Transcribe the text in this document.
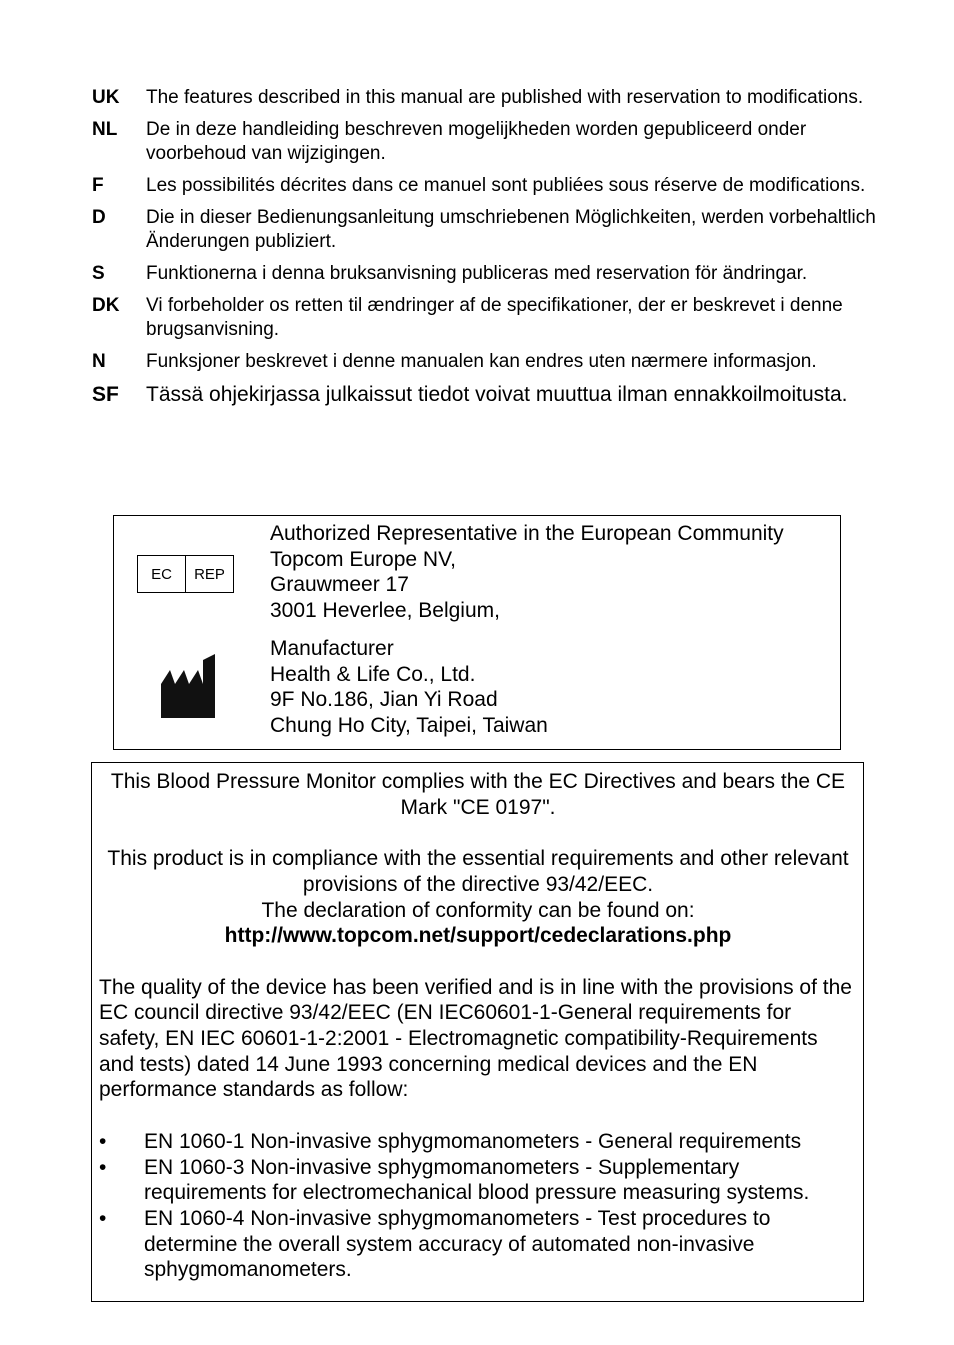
UK	The features described in this manual are published with reservation to modifications.
NL	De in deze handleiding beschreven mogelijkheden worden gepubliceerd onder voorbehoud van wijzigingen.
F	Les possibilités décrites dans ce manuel sont publiées sous réserve de modifications.
D	Die in dieser Bedienungsanleitung umschriebenen Möglichkeiten, werden vorbehaltlich Änderungen publiziert.
S	Funktionerna i denna bruksanvisning publiceras med reservation för ändringar.
DK	Vi forbeholder os retten til ændringer af de specifikationer, der er beskrevet i denne brugsanvisning.
N	Funksjoner beskrevet i denne manualen kan endres uten nærmere informasjon.
SF	Tässä ohjekirjassa julkaissut tiedot voivat muuttua ilman ennakkoilmoitusta.
EC	REP
Authorized Representative in the European Community
Topcom Europe NV,
Grauwmeer 17
3001 Heverlee, Belgium,
Manufacturer
Health & Life Co., Ltd.
9F No.186, Jian Yi Road
Chung Ho City, Taipei, Taiwan
This Blood Pressure Monitor complies with the EC Directives and bears the CE Mark "CE 0197".
This product is in compliance with the essential requirements and other relevant provisions of the directive 93/42/EEC.
The declaration of conformity can be found on:
http://www.topcom.net/support/cedeclarations.php
The quality of the device has been verified and is in line with the provisions of the EC council directive 93/42/EEC (EN IEC60601-1-General requirements for safety, EN IEC 60601-1-2:2001 - Electromagnetic compatibility-Requirements and tests) dated 14 June 1993 concerning medical devices and the EN performance standards as follow:
•	EN 1060-1 Non-invasive sphygmomanometers - General requirements
•	EN 1060-3 Non-invasive sphygmomanometers - Supplementary requirements for electromechanical blood pressure measuring systems.
•	EN 1060-4 Non-invasive sphygmomanometers - Test procedures to determine the overall system accuracy of automated non-invasive sphygmomanometers.
